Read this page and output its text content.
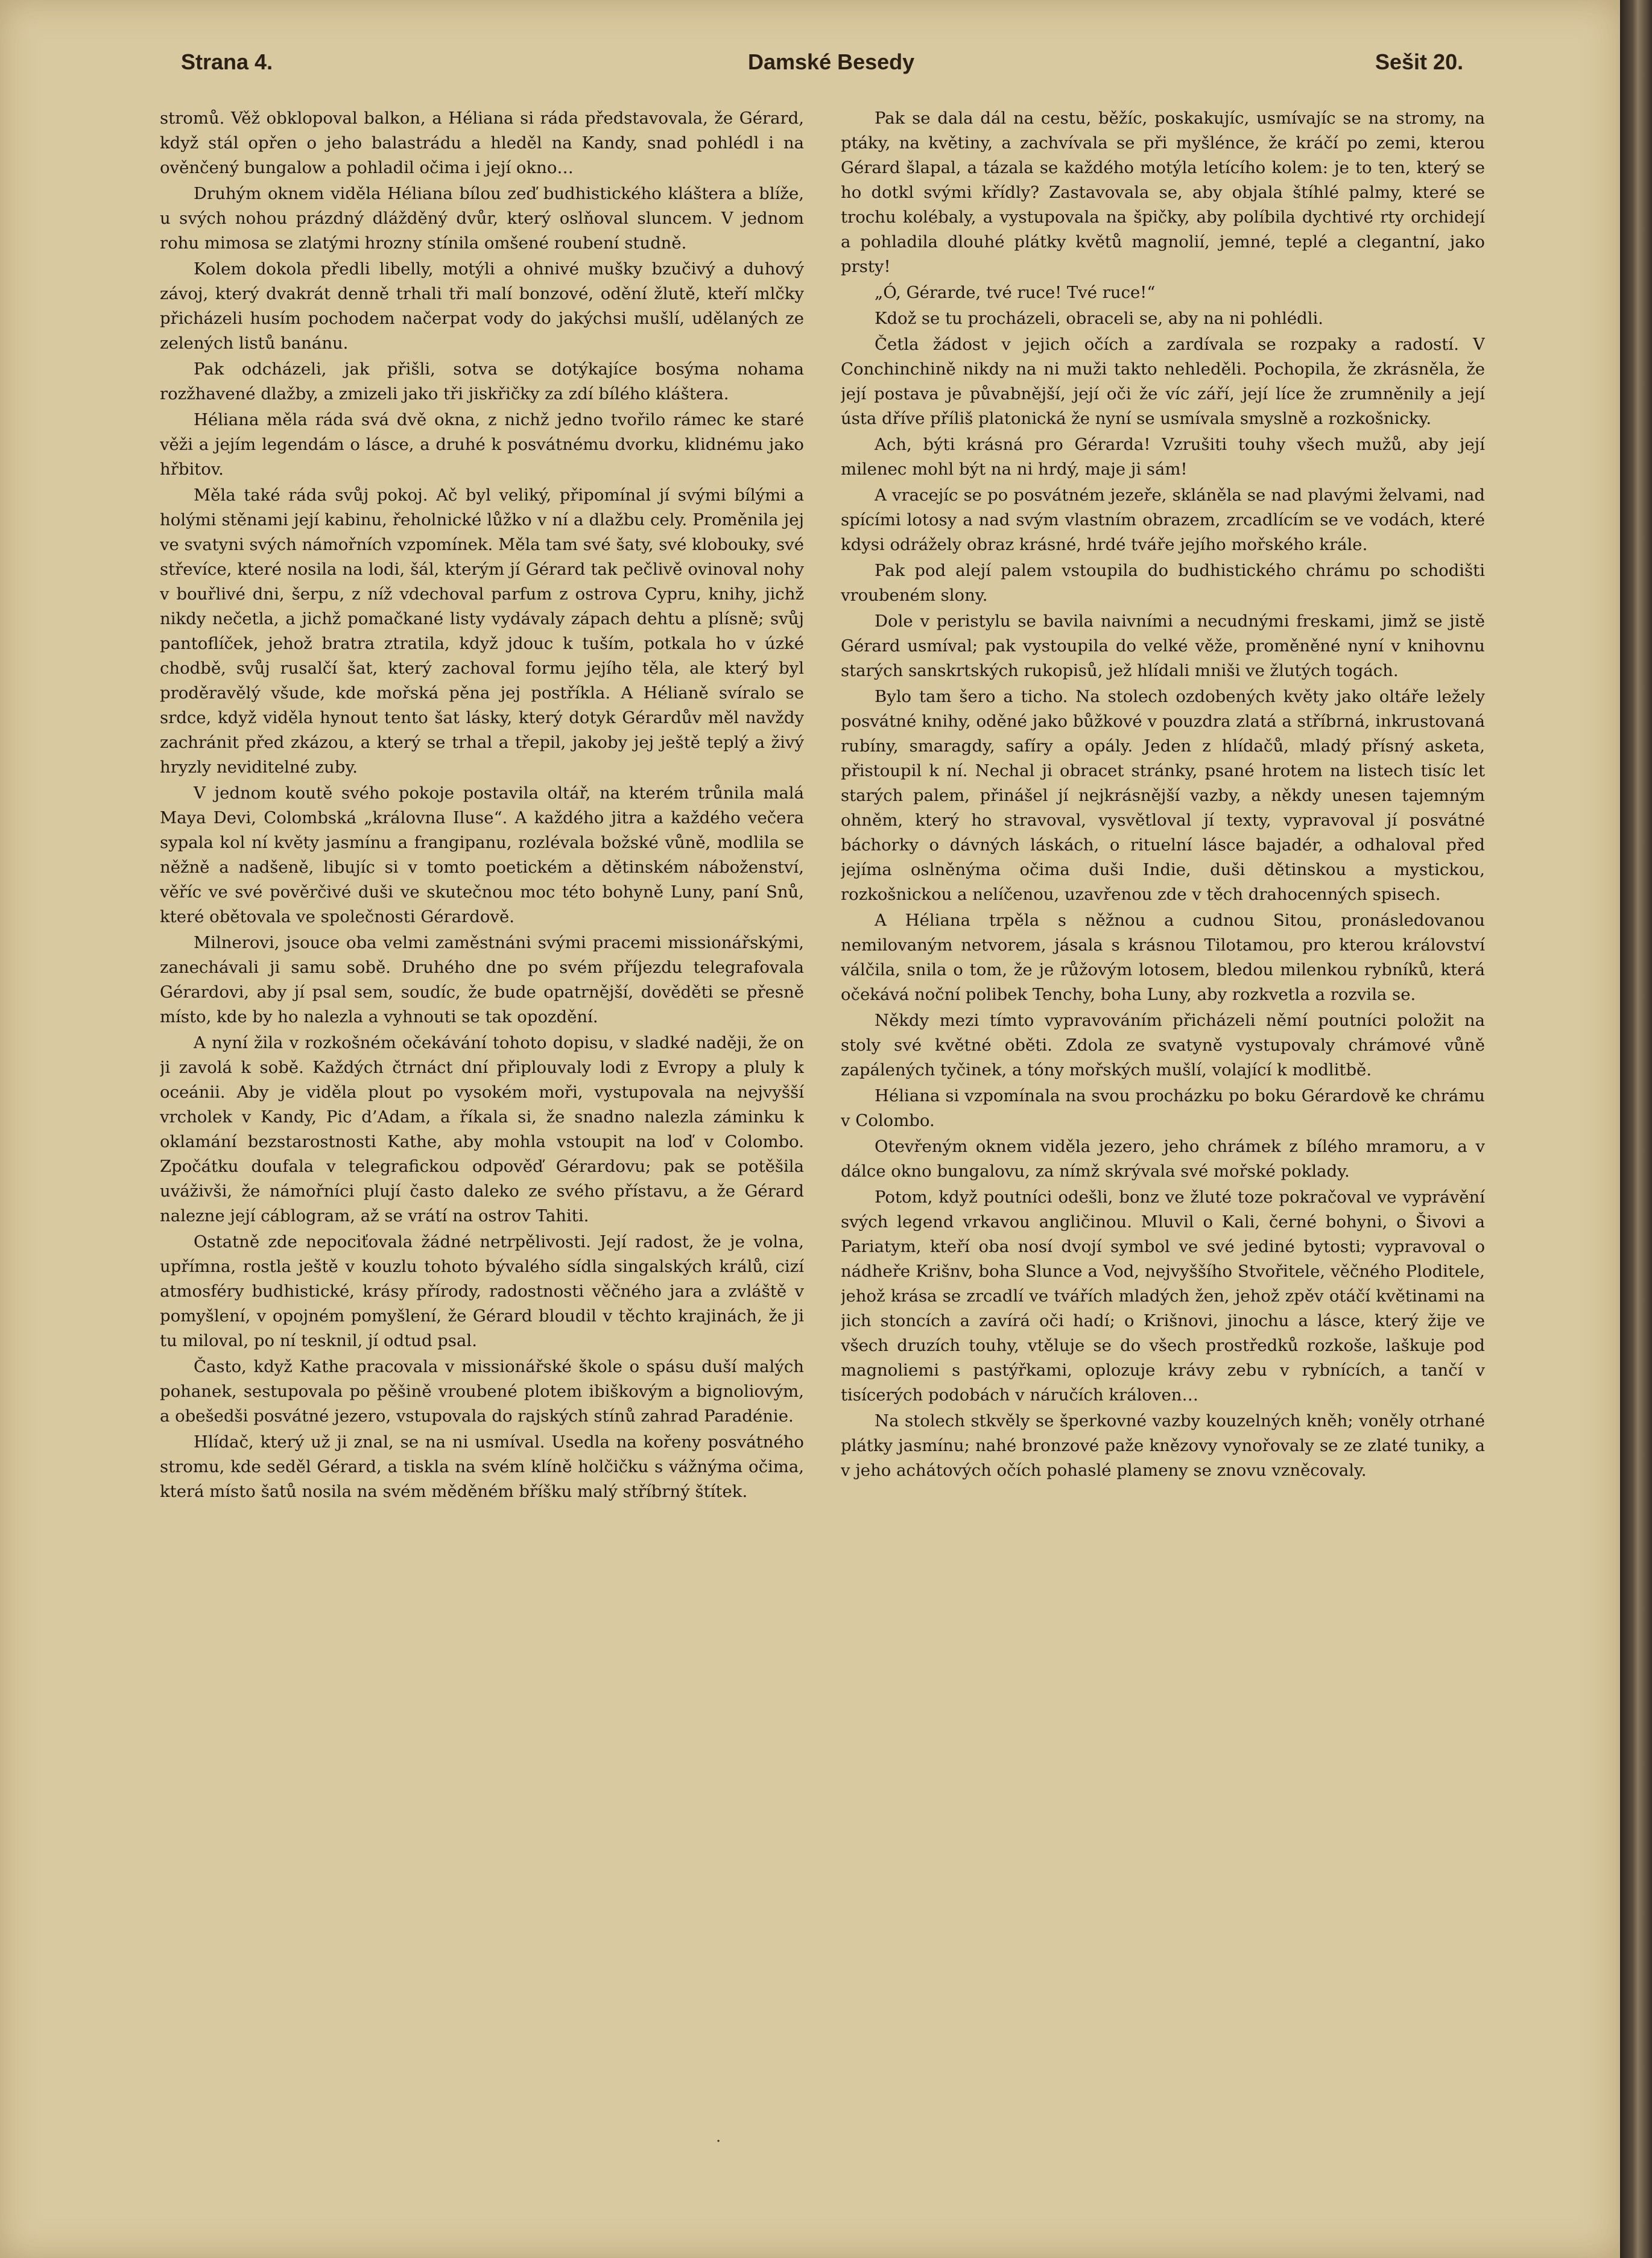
Strana 4.	Damské Besedy	Sešit 20.

stromů. Věž obklopoval balkon, a Héliana si ráda představovala, že Gérard, když stál opřen o jeho balastrádu a hleděl na Kandy, snad pohlédl i na ověnčený bungalow a pohladil očima i její okno…

Druhým oknem viděla Héliana bílou zeď budhistického kláštera a blíže, u svých nohou prázdný dlážděný dvůr, který oslňoval sluncem. V jednom rohu mimosa se zlatými hrozny stínila omšené roubení studně.

Kolem dokola předli libelly, motýli a ohnivé mušky bzučivý a duhový závoj, který dvakrát denně trhali tři malí bonzové, odění žlutě, kteří mlčky přicházeli husím pochodem načerpat vody do jakýchsi mušlí, udělaných ze zelených listů banánu.

Pak odcházeli, jak přišli, sotva se dotýkajíce bosýma nohama rozžhavené dlažby, a zmizeli jako tři jiskřičky za zdí bílého kláštera.

Héliana měla ráda svá dvě okna, z nichž jedno tvořilo rámec ke staré věži a jejím legendám o lásce, a druhé k posvátnému dvorku, klidnému jako hřbitov.

Měla také ráda svůj pokoj. Ač byl veliký, připomínal jí svými bílými a holými stěnami její kabinu, řeholnické lůžko v ní a dlažbu cely. Proměnila jej ve svatyni svých námořních vzpomínek. Měla tam své šaty, své klobouky, své střevíce, které nosila na lodi, šál, kterým jí Gérard tak pečlivě ovinoval nohy v bouřlivé dni, šerpu, z níž vdechoval parfum z ostrova Cypru, knihy, jichž nikdy nečetla, a jichž pomačkané listy vydávaly zápach dehtu a plísně; svůj pantoflíček, jehož bratra ztratila, když jdouc k tuším, potkala ho v úzké chodbě, svůj rusalčí šat, který zachoval formu jejího těla, ale který byl proděravělý všude, kde mořská pěna jej postříkla. A Hélianě svíralo se srdce, když viděla hynout tento šat lásky, který dotyk Gérardův měl navždy zachránit před zkázou, a který se trhal a třepil, jakoby jej ještě teplý a živý hryzly neviditelné zuby.

V jednom koutě svého pokoje postavila oltář, na kterém trůnila malá Maya Devi, Colombská „královna Iluse“. A každého jitra a každého večera sypala kol ní květy jasmínu a frangipanu, rozlévala božské vůně, modlila se něžně a nadšeně, libujíc si v tomto poetickém a dětinském náboženství, věříc ve své pověrčivé duši ve skutečnou moc této bohyně Luny, paní Snů, které obětovala ve společnosti Gérardově.

Milnerovi, jsouce oba velmi zaměstnáni svými pracemi missionářskými, zanechávali ji samu sobě. Druhého dne po svém příjezdu telegrafovala Gérardovi, aby jí psal sem, soudíc, že bude opatrnější, dověděti se přesně místo, kde by ho nalezla a vyhnouti se tak opozdění.

A nyní žila v rozkošném očekávání tohoto dopisu, v sladké naději, že on ji zavolá k sobě. Každých čtrnáct dní připlouvaly lodi z Evropy a pluly k oceánii. Aby je viděla plout po vysokém moři, vystupovala na nejvyšší vrcholek v Kandy, Pic d’Adam, a říkala si, že snadno nalezla záminku k oklamání bezstarostnosti Kathe, aby mohla vstoupit na loď v Colombo. Zpočátku doufala v telegrafickou odpověď Gérardovu; pak se potěšila uváživši, že námořníci plují často daleko ze svého přístavu, a že Gérard nalezne její cáblogram, až se vrátí na ostrov Tahiti.

Ostatně zde nepociťovala žádné netrpělivosti. Její radost, že je volna, upřímna, rostla ještě v kouzlu tohoto bývalého sídla singalských králů, cizí atmosféry budhistické, krásy přírody, radostnosti věčného jara a zvláště v pomyšlení, v opojném pomyšlení, že Gérard bloudil v těchto krajinách, že ji tu miloval, po ní tesknil, jí odtud psal.

Často, když Kathe pracovala v missionářské škole o spásu duší malých pohanek, sestupovala po pěšině vroubené plotem ibiškovým a bignoliovým, a obešedši posvátné jezero, vstupovala do rajských stínů zahrad Paradénie.

Hlídač, který už ji znal, se na ni usmíval. Usedla na kořeny posvátného stromu, kde seděl Gérard, a tiskla na svém klíně holčičku s vážnýma očima, která místo šatů nosila na svém měděném bříšku malý stříbrný štítek.

Pak se dala dál na cestu, běžíc, poskakujíc, usmívajíc se na stromy, na ptáky, na květiny, a zachvívala se při myšlénce, že kráčí po zemi, kterou Gérard šlapal, a tázala se každého motýla letícího kolem: je to ten, který se ho dotkl svými křídly? Zastavovala se, aby objala štíhlé palmy, které se trochu kolébaly, a vystupovala na špičky, aby políbila dychtivé rty orchidejí a pohladila dlouhé plátky květů magnolií, jemné, teplé a clegantní, jako prsty!

„Ó, Gérarde, tvé ruce! Tvé ruce!“

Kdož se tu procházeli, obraceli se, aby na ni pohlédli.

Četla žádost v jejich očích a zardívala se rozpaky a radostí. V Conchinchině nikdy na ni muži takto nehleděli. Pochopila, že zkrásněla, že její postava je půvabnější, její oči že víc září, její líce že zrumněnily a její ústa dříve příliš platonická že nyní se usmívala smyslně a rozkošnicky.

Ach, býti krásná pro Gérarda! Vzrušiti touhy všech mužů, aby její milenec mohl být na ni hrdý, maje ji sám!

A vracejíc se po posvátném jezeře, skláněla se nad plavými želvami, nad spícími lotosy a nad svým vlastním obrazem, zrcadlícím se ve vodách, které kdysi odrážely obraz krásné, hrdé tváře jejího mořského krále.

Pak pod alejí palem vstoupila do budhistického chrámu po schodišti vroubeném slony.

Dole v peristylu se bavila naivními a necudnými freskami, jimž se jistě Gérard usmíval; pak vystoupila do velké věže, proměněné nyní v knihovnu starých sanskrtských rukopisů, jež hlídali mniši ve žlutých togách.

Bylo tam šero a ticho. Na stolech ozdobených květy jako oltáře ležely posvátné knihy, oděné jako bůžkové v pouzdra zlatá a stříbrná, inkrustovaná rubíny, smaragdy, safíry a opály. Jeden z hlídačů, mladý přísný asketa, přistoupil k ní. Nechal ji obracet stránky, psané hrotem na listech tisíc let starých palem, přinášel jí nejkrásnější vazby, a někdy unesen tajemným ohněm, který ho stravoval, vysvětloval jí texty, vypravoval jí posvátné báchorky o dávných láskách, o rituelní lásce bajadér, a odhaloval před jejíma oslněnýma očima duši Indie, duši dětinskou a mystickou, rozkošnickou a nelíčenou, uzavřenou zde v těch drahocenných spisech.

A Héliana trpěla s něžnou a cudnou Sitou, pronásledovanou nemilovaným netvorem, jásala s krásnou Tilotamou, pro kterou království válčila, snila o tom, že je růžovým lotosem, bledou milenkou rybníků, která očekává noční polibek Tenchy, boha Luny, aby rozkvetla a rozvila se.

Někdy mezi tímto vypravováním přicházeli němí poutníci položit na stoly své květné oběti. Zdola ze svatyně vystupovaly chrámové vůně zapálených tyčinek, a tóny mořských mušlí, volající k modlitbě.

Héliana si vzpomínala na svou procházku po boku Gérardově ke chrámu v Colombo.

Otevřeným oknem viděla jezero, jeho chrámek z bílého mramoru, a v dálce okno bungalovu, za nímž skrývala své mořské poklady.

Potom, když poutníci odešli, bonz ve žluté toze pokračoval ve vyprávění svých legend vrkavou angličinou. Mluvil o Kali, černé bohyni, o Šivovi a Pariatym, kteří oba nosí dvojí symbol ve své jediné bytosti; vypravoval o nádheře Krišnv, boha Slunce a Vod, nejvyššího Stvořitele, věčného Ploditele, jehož krása se zrcadlí ve tvářích mladých žen, jehož zpěv otáčí květinami na jich stoncích a zavírá oči hadí; o Krišnovi, jinochu a lásce, který žije ve všech druzích touhy, vtěluje se do všech prostředků rozkoše, laškuje pod magnoliemi s pastýřkami, oplozuje krávy zebu v rybnících, a tančí v tisícerých podobách v náručích královen…

Na stolech stkvěly se šperkovné vazby kouzelných kněh; voněly otrhané plátky jasmínu; nahé bronzové paže knězovy vynořovaly se ze zlaté tuniky, a v jeho achátových očích pohaslé plameny se znovu vzněcovaly.

·
